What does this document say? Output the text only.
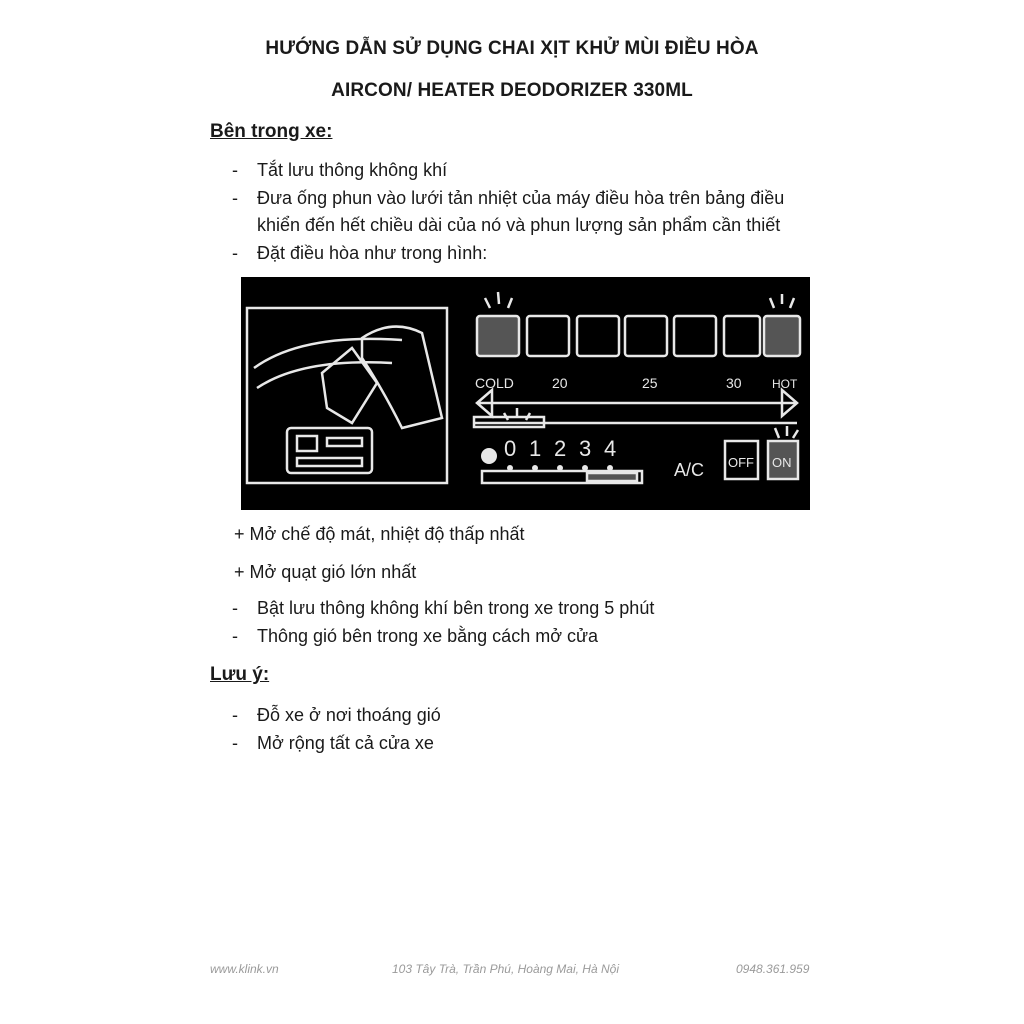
HƯỚNG DẪN SỬ DỤNG CHAI XỊT KHỬ MÙI ĐIỀU HÒA
AIRCON/ HEATER DEODORIZER 330ML
Bên trong xe:
- Tắt lưu thông không khí
- Đưa ống phun vào lưới tản nhiệt của máy điều hòa trên bảng điều
khiển đến hết chiều dài của nó và phun lượng sản phẩm cần thiết
- Đặt điều hòa như trong hình:
COLD	20	25	30	HOT
0 1 2 3 4
A/C OFF ON
+ Mở chế độ mát, nhiệt độ thấp nhất
+ Mở quạt gió lớn nhất
- Bật lưu thông không khí bên trong xe trong 5 phút
- Thông gió bên trong xe bằng cách mở cửa
Lưu ý:
- Đỗ xe ở nơi thoáng gió
- Mở rộng tất cả cửa xe
www.klink.vn	103 Tây Trà, Trần Phú, Hoàng Mai, Hà Nội	0948.361.959
